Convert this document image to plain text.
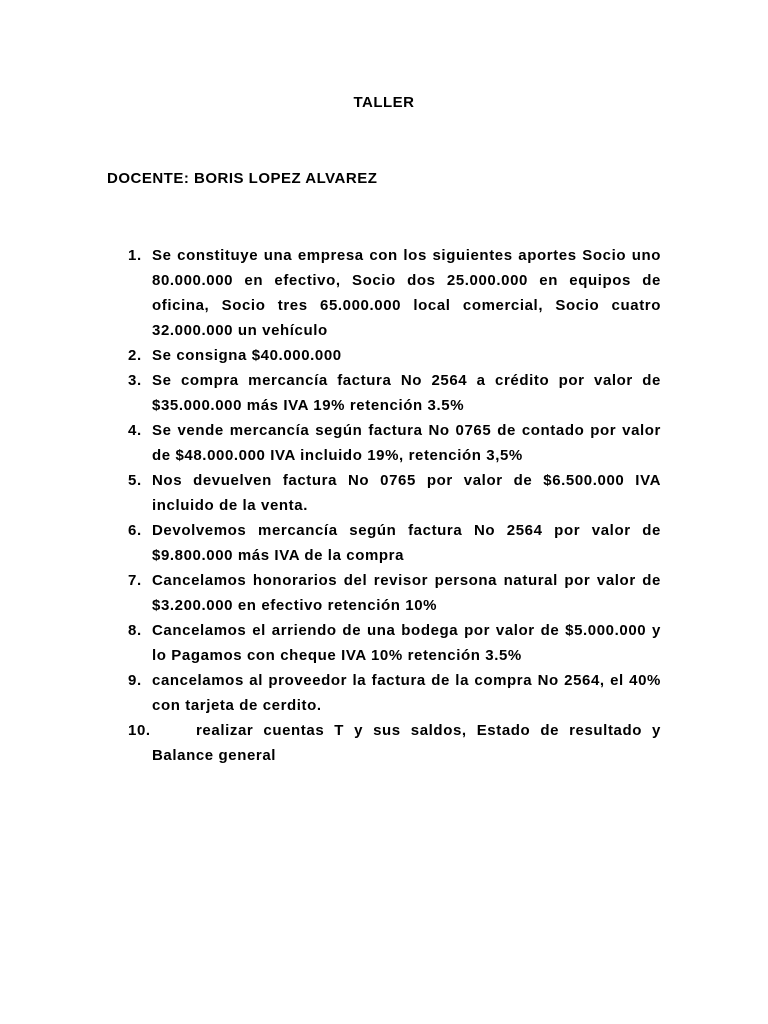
TALLER
DOCENTE: BORIS LOPEZ ALVAREZ
1. Se constituye una empresa con los siguientes aportes Socio uno 80.000.000 en efectivo, Socio dos 25.000.000 en equipos de oficina, Socio tres 65.000.000 local comercial, Socio cuatro 32.000.000 un vehículo
2. Se consigna $40.000.000
3. Se compra mercancía factura No 2564 a crédito por valor de $35.000.000 más IVA 19% retención 3.5%
4. Se vende mercancía según factura No 0765 de contado por valor de $48.000.000 IVA incluido 19%, retención 3,5%
5. Nos devuelven factura No 0765 por valor de $6.500.000 IVA incluido de la venta.
6. Devolvemos mercancía según factura No 2564 por valor de $9.800.000 más IVA de la compra
7. Cancelamos honorarios del revisor persona natural por valor de $3.200.000 en efectivo retención 10%
8. Cancelamos el arriendo de una bodega por valor de $5.000.000 y lo Pagamos con cheque IVA 10% retención 3.5%
9. cancelamos al proveedor la factura de la compra No 2564, el 40% con tarjeta de cerdito.
10.	realizar cuentas T y sus saldos, Estado de resultado y Balance general
